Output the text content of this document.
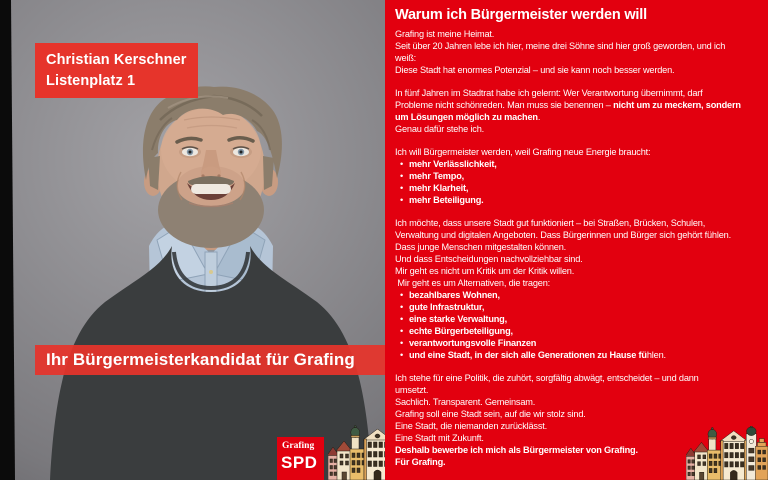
Christian Kerschner
Listenplatz 1
Ihr Bürgermeisterkandidat für Grafing
Grafing
SPD
Warum ich Bürgermeister werden will
Grafing ist meine Heimat.
Seit über 20 Jahren lebe ich hier, meine drei Söhne sind hier groß geworden, und ich
weiß:
Diese Stadt hat enormes Potenzial – und sie kann noch besser werden.
In fünf Jahren im Stadtrat habe ich gelernt: Wer Verantwortung übernimmt, darf
Probleme nicht schönreden. Man muss sie benennen – nicht um zu meckern, sondern
um Lösungen möglich zu machen.
Genau dafür stehe ich.
Ich will Bürgermeister werden, weil Grafing neue Energie braucht:
• mehr Verlässlichkeit,
• mehr Tempo,
• mehr Klarheit,
• mehr Beteiligung.
Ich möchte, dass unsere Stadt gut funktioniert – bei Straßen, Brücken, Schulen,
Verwaltung und digitalen Angeboten. Dass Bürgerinnen und Bürger sich gehört fühlen.
Dass junge Menschen mitgestalten können.
Und dass Entscheidungen nachvollziehbar sind.
Mir geht es nicht um Kritik um der Kritik willen.
Mir geht es um Alternativen, die tragen:
• bezahlbares Wohnen,
• gute Infrastruktur,
• eine starke Verwaltung,
• echte Bürgerbeteiligung,
• verantwortungsvolle Finanzen
• und eine Stadt, in der sich alle Generationen zu Hause fühlen.
Ich stehe für eine Politik, die zuhört, sorgfältig abwägt, entscheidet – und dann
umsetzt.
Sachlich. Transparent. Gemeinsam.
Grafing soll eine Stadt sein, auf die wir stolz sind.
Eine Stadt, die niemanden zurücklässt.
Eine Stadt mit Zukunft.
Deshalb bewerbe ich mich als Bürgermeister von Grafing.
Für Grafing.
